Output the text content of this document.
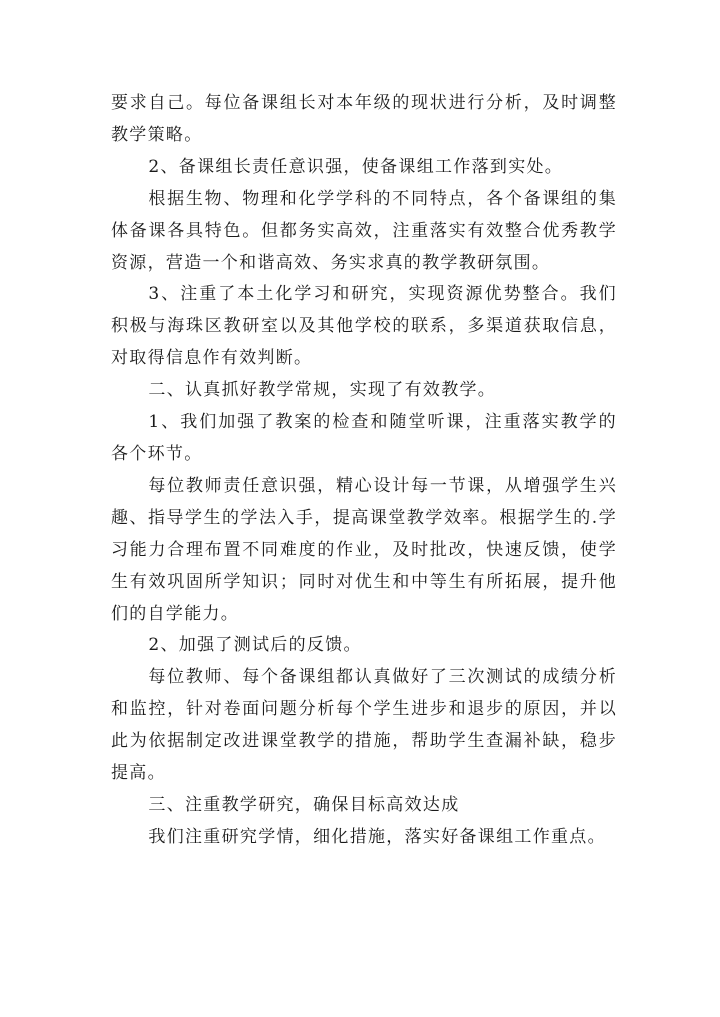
要求自己。每位备课组长对本年级的现状进行分析，及时调整教学策略。

2、备课组长责任意识强，使备课组工作落到实处。

根据生物、物理和化学学科的不同特点，各个备课组的集体备课各具特色。但都务实高效，注重落实有效整合优秀教学资源，营造一个和谐高效、务实求真的教学教研氛围。

3、注重了本土化学习和研究，实现资源优势整合。我们积极与海珠区教研室以及其他学校的联系，多渠道获取信息，对取得信息作有效判断。

二、认真抓好教学常规，实现了有效教学。

1、我们加强了教案的检查和随堂听课，注重落实教学的各个环节。

每位教师责任意识强，精心设计每一节课，从增强学生兴趣、指导学生的学法入手，提高课堂教学效率。根据学生的.学习能力合理布置不同难度的作业，及时批改，快速反馈，使学生有效巩固所学知识；同时对优生和中等生有所拓展，提升他们的自学能力。

2、加强了测试后的反馈。

每位教师、每个备课组都认真做好了三次测试的成绩分析和监控，针对卷面问题分析每个学生进步和退步的原因，并以此为依据制定改进课堂教学的措施，帮助学生查漏补缺，稳步提高。

三、注重教学研究，确保目标高效达成

我们注重研究学情，细化措施，落实好备课组工作重点。
